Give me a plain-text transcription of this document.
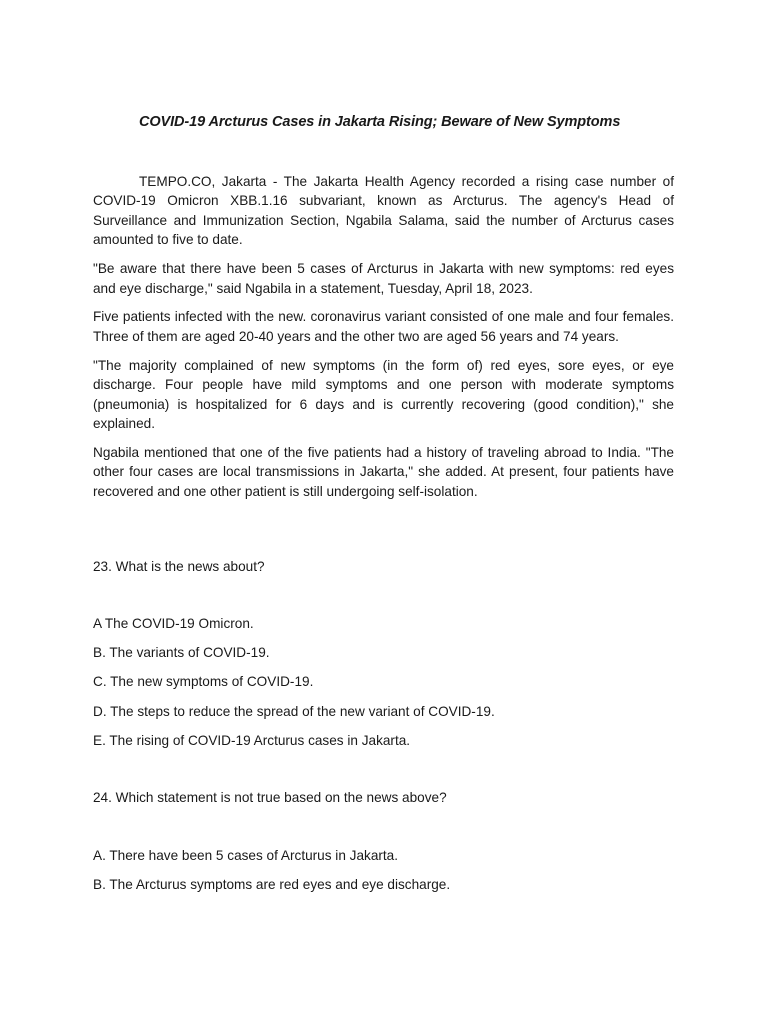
COVID-19 Arcturus Cases in Jakarta Rising; Beware of New Symptoms

TEMPO.CO, Jakarta - The Jakarta Health Agency recorded a rising case number of COVID-19 Omicron XBB.1.16 subvariant, known as Arcturus. The agency's Head of Surveillance and Immunization Section, Ngabila Salama, said the number of Arcturus cases amounted to five to date.

"Be aware that there have been 5 cases of Arcturus in Jakarta with new symptoms: red eyes and eye discharge," said Ngabila in a statement, Tuesday, April 18, 2023.

Five patients infected with the new. coronavirus variant consisted of one male and four females. Three of them are aged 20-40 years and the other two are aged 56 years and 74 years.

"The majority complained of new symptoms (in the form of) red eyes, sore eyes, or eye discharge. Four people have mild symptoms and one person with moderate symptoms (pneumonia) is hospitalized for 6 days and is currently recovering (good condition)," she explained.

Ngabila mentioned that one of the five patients had a history of traveling abroad to India. "The other four cases are local transmissions in Jakarta," she added. At present, four patients have recovered and one other patient is still undergoing self-isolation.

23. What is the news about?
A The COVID-19 Omicron.
B. The variants of COVID-19.
C. The new symptoms of COVID-19.
D. The steps to reduce the spread of the new variant of COVID-19.
E. The rising of COVID-19 Arcturus cases in Jakarta.
24. Which statement is not true based on the news above?
A. There have been 5 cases of Arcturus in Jakarta.
B. The Arcturus symptoms are red eyes and eye discharge.
